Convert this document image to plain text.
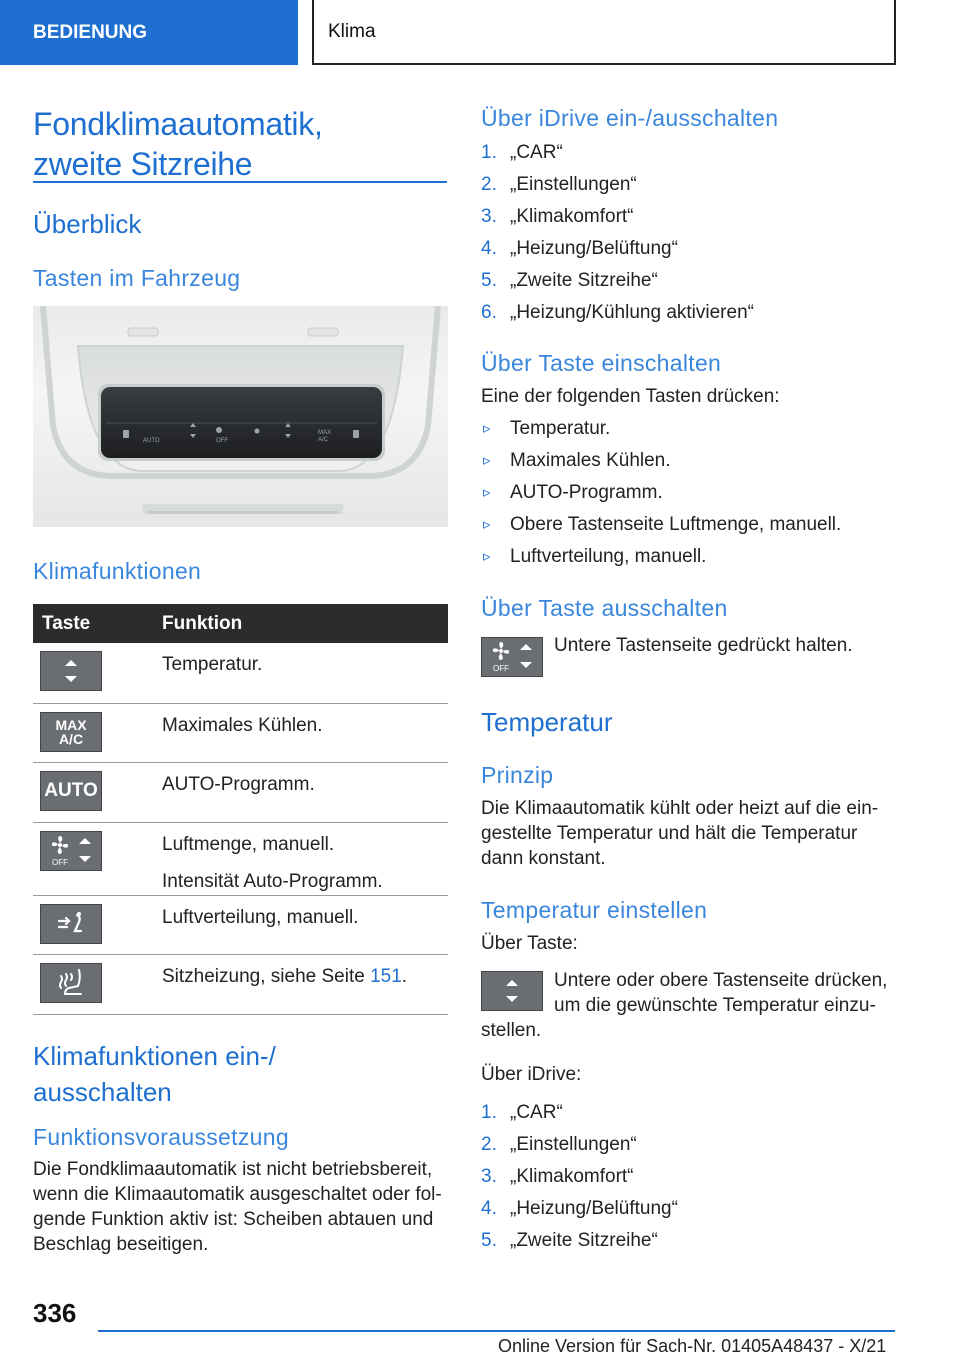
BEDIENUNG	Klima
Fondklimaautomatik,
zweite Sitzreihe
Überblick
Tasten im Fahrzeug
AUTO	OFF
MAX
A/C
Klimafunktionen
Taste	Funktion

	Temperatur.

MAX
A/C	Maximales Kühlen.

AUTO	AUTO-Programm.

OFF	Luftmenge, manuell.
Intensität Auto-Programm.

	Luftverteilung, manuell.

	Sitzheizung, siehe Seite 151.
Klimafunktionen ein-/
ausschalten
Funktionsvoraussetzung
Die Fondklimaautomatik ist nicht betriebsbereit,
wenn die Klimaautomatik ausgeschaltet oder fol-
gende Funktion aktiv ist: Scheiben abtauen und
Beschlag beseitigen.
Über iDrive ein-/ausschalten
1. „CAR“
2. „Einstellungen“
3. „Klimakomfort“
4. „Heizung/Belüftung“
5. „Zweite Sitzreihe“
6. „Heizung/Kühlung aktivieren“
Über Taste einschalten
Eine der folgenden Tasten drücken:
▹ Temperatur.
▹ Maximales Kühlen.
▹ AUTO-Programm.
▹ Obere Tastenseite Luftmenge, manuell.
▹ Luftverteilung, manuell.
Über Taste ausschalten
OFF
Untere Tastenseite gedrückt halten.
Temperatur
Prinzip
Die Klimaautomatik kühlt oder heizt auf die ein-
gestellte Temperatur und hält die Temperatur
dann konstant.
Temperatur einstellen
Über Taste:
Untere oder obere Tastenseite drücken,
um die gewünschte Temperatur einzu-
stellen.
Über iDrive:
1. „CAR“
2. „Einstellungen“
3. „Klimakomfort“
4. „Heizung/Belüftung“
5. „Zweite Sitzreihe“
336
Online Version für Sach-Nr. 01405A48437 - X/21
